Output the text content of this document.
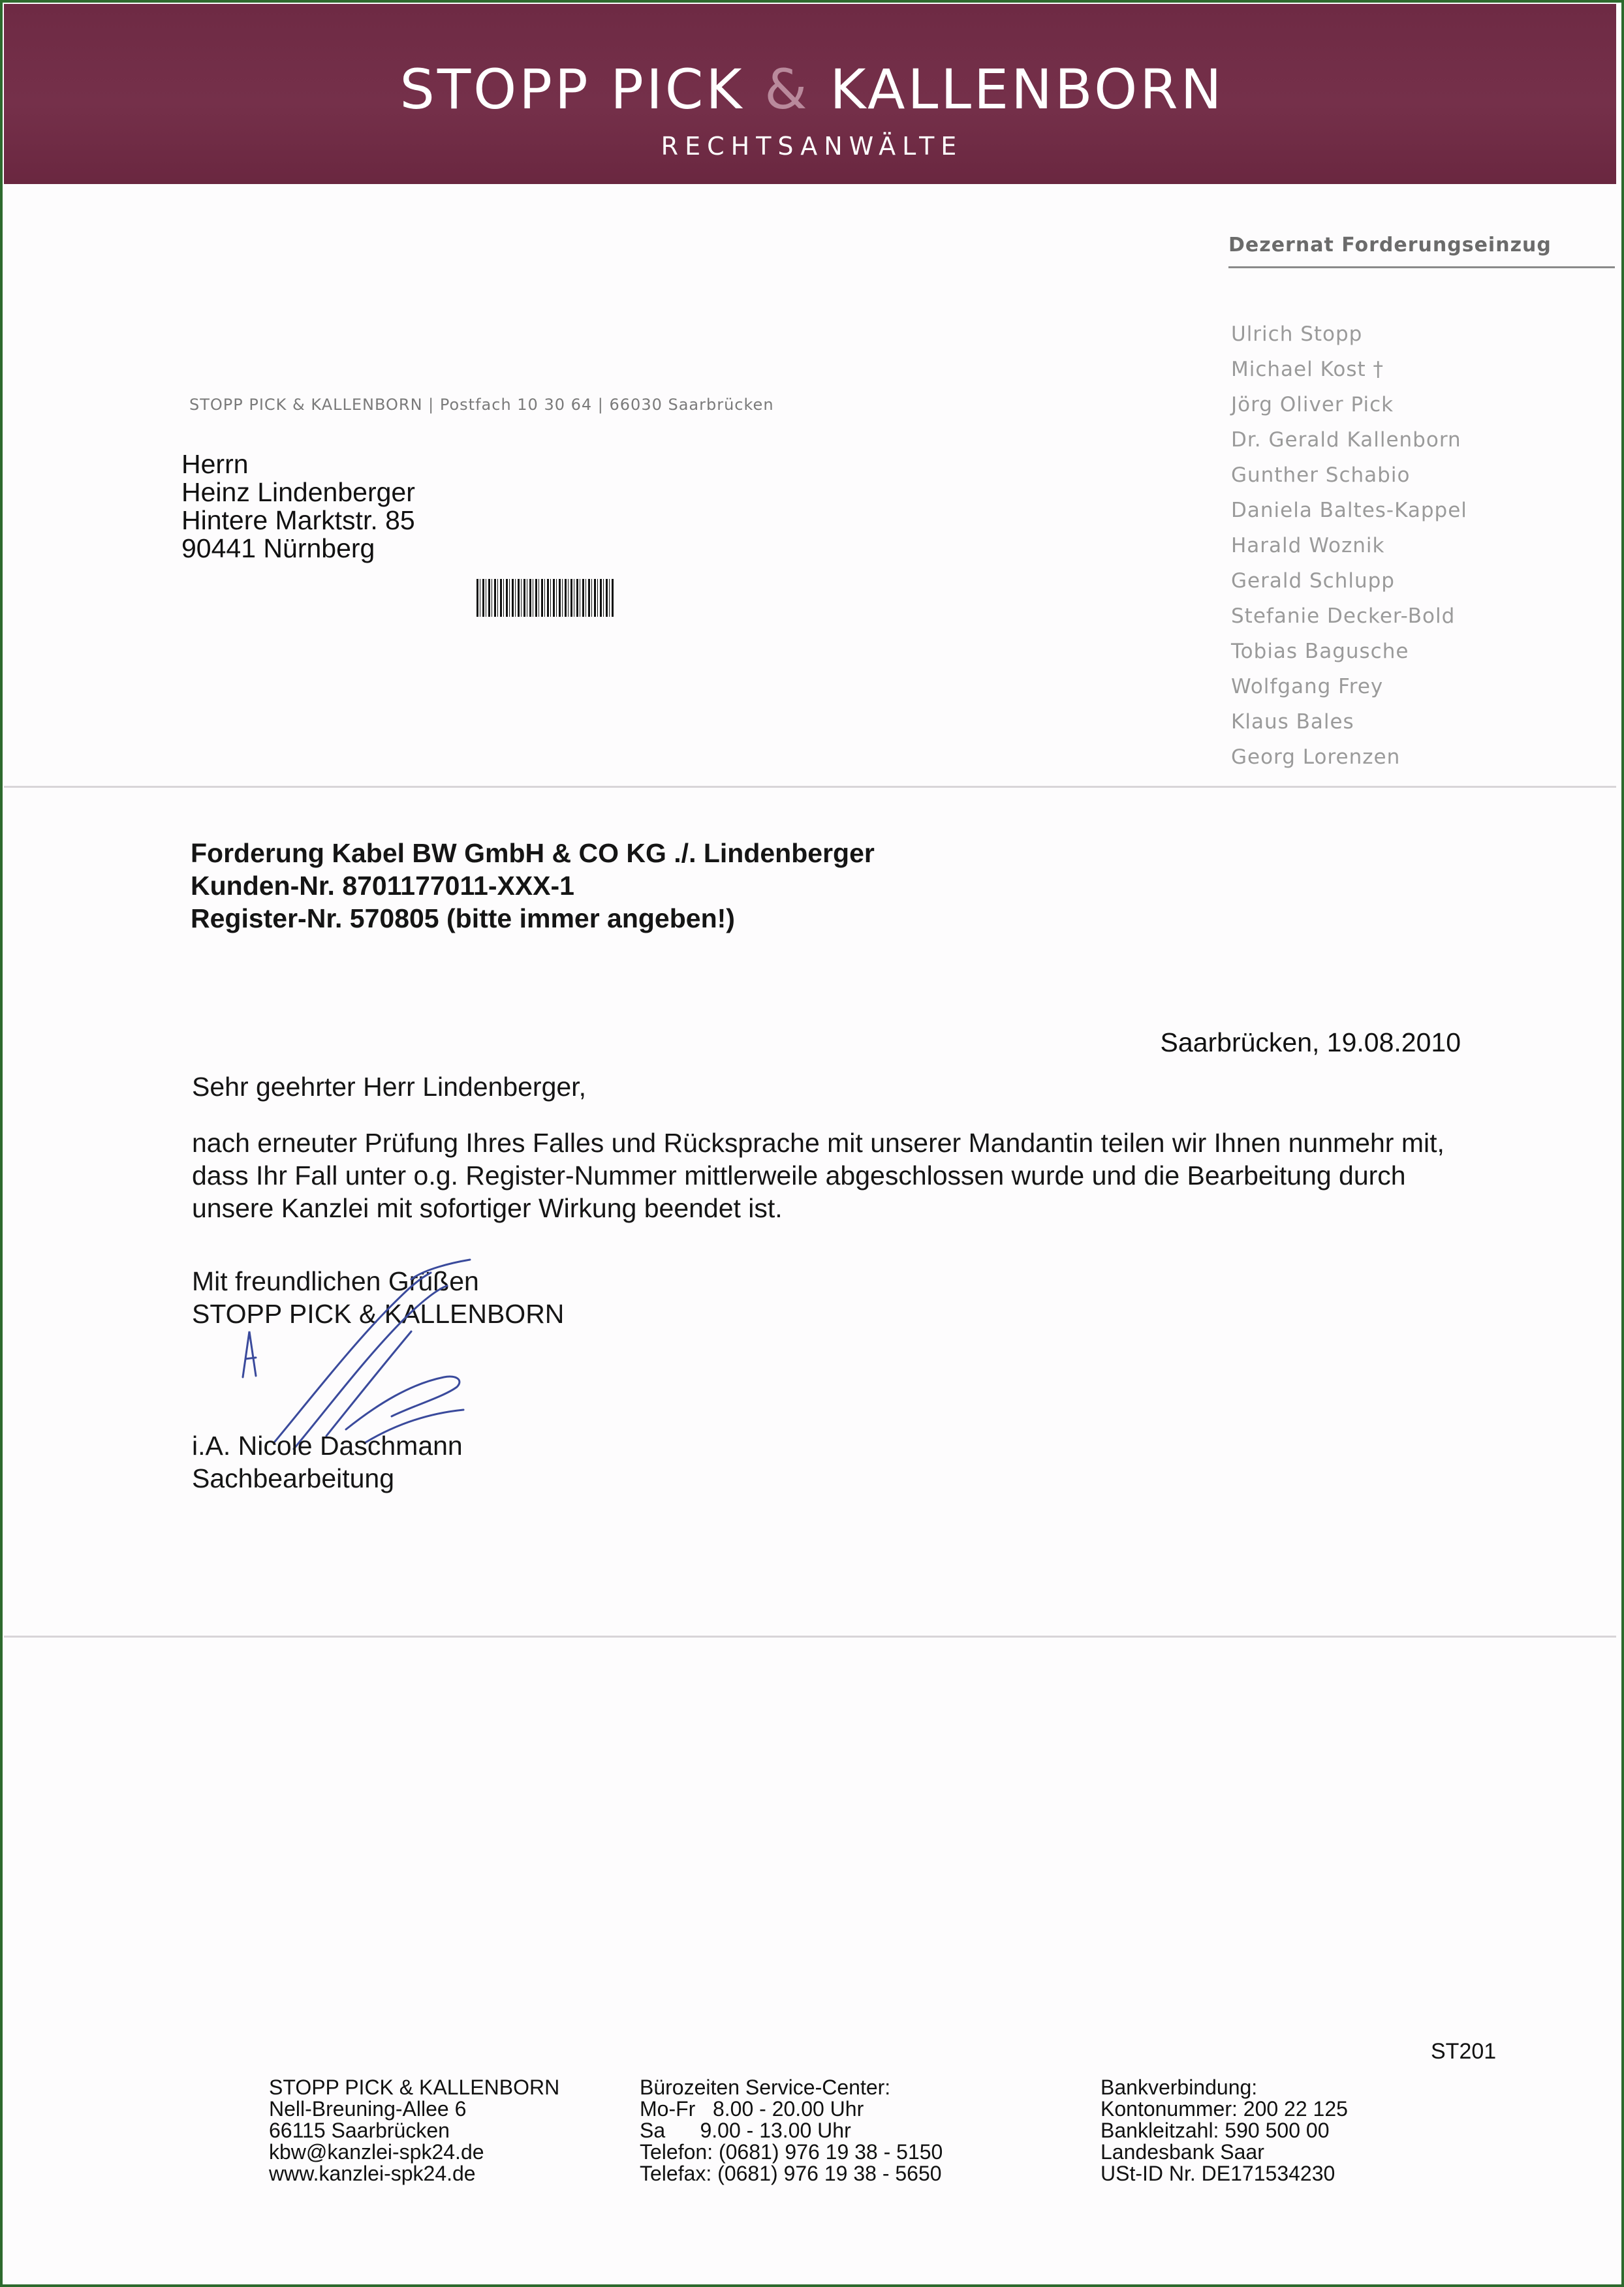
STOPP PICK & KALLENBORN
RECHTSANWÄLTE
Dezernat Forderungseinzug
Ulrich Stopp
Michael Kost †
Jörg Oliver Pick
Dr. Gerald Kallenborn
Gunther Schabio
Daniela Baltes-Kappel
Harald Woznik
Gerald Schlupp
Stefanie Decker-Bold
Tobias Bagusche
Wolfgang Frey
Klaus Bales
Georg Lorenzen
STOPP PICK & KALLENBORN | Postfach 10 30 64 | 66030 Saarbrücken
Herrn
Heinz Lindenberger
Hintere Marktstr. 85
90441 Nürnberg
Forderung Kabel BW GmbH & CO KG ./. Lindenberger
Kunden-Nr. 8701177011-XXX-1
Register-Nr. 570805 (bitte immer angeben!)
Saarbrücken, 19.08.2010
Sehr geehrter Herr Lindenberger,
nach erneuter Prüfung Ihres Falles und Rücksprache mit unserer Mandantin teilen wir Ihnen nunmehr mit,
dass Ihr Fall unter o.g. Register-Nummer mittlerweile abgeschlossen wurde und die Bearbeitung durch
unsere Kanzlei mit sofortiger Wirkung beendet ist.
Mit freundlichen Grüßen
STOPP PICK & KALLENBORN
i.A. Nicole Daschmann
Sachbearbeitung
ST201
STOPP PICK & KALLENBORN
Nell-Breuning-Allee 6
66115 Saarbrücken
kbw@kanzlei-spk24.de
www.kanzlei-spk24.de
Bürozeiten Service-Center:
Mo-Fr   8.00 - 20.00 Uhr
Sa      9.00 - 13.00 Uhr
Telefon: (0681) 976 19 38 - 5150
Telefax: (0681) 976 19 38 - 5650
Bankverbindung:
Kontonummer: 200 22 125
Bankleitzahl: 590 500 00
Landesbank Saar
USt-ID Nr. DE171534230
